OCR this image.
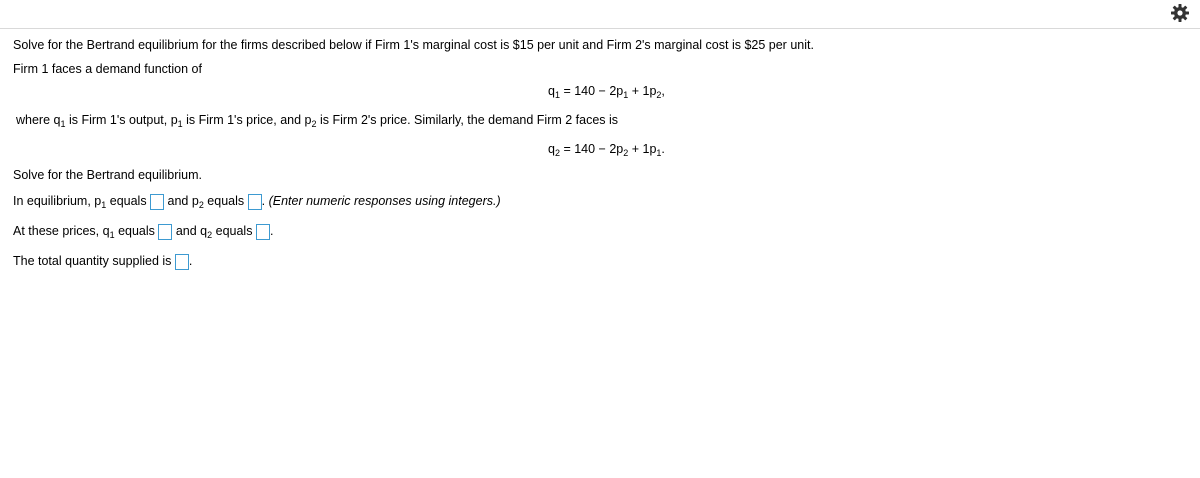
Solve for the Bertrand equilibrium for the firms described below if Firm 1's marginal cost is $15 per unit and Firm 2's marginal cost is $25 per unit.
Firm 1 faces a demand function of
$q_1 = 140 - 2p_1 + 1p_2$,
where $q_1$ is Firm 1's output, $p_1$ is Firm 1's price, and $p_2$ is Firm 2's price. Similarly, the demand Firm 2 faces is
$q_2 = 140 - 2p_2 + 1p_1$.
Solve for the Bertrand equilibrium.
In equilibrium, $p_1$ equals  and $p_2$ equals . (Enter numeric responses using integers.)
At these prices, $q_1$ equals  and $q_2$ equals .
The total quantity supplied is .
